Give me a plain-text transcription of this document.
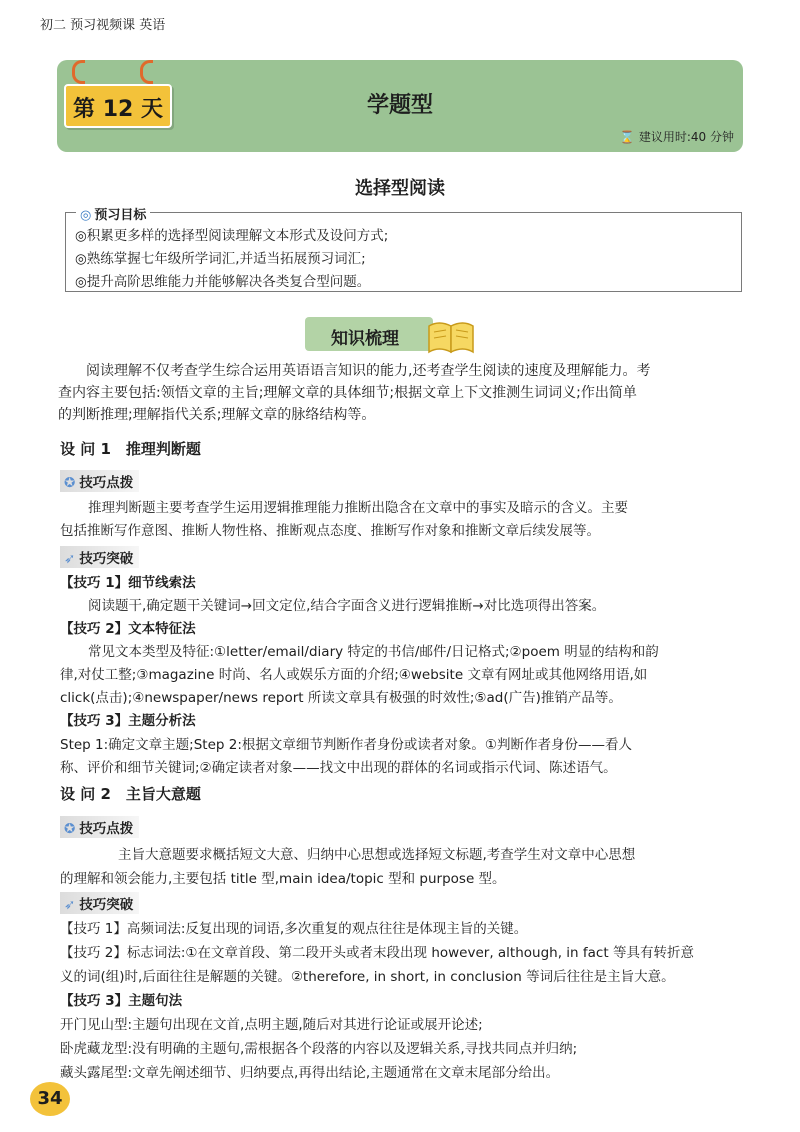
初二 预习视频课 英语
第 12 天	学题型
⌛ 建议用时:40 分钟
选择型阅读
◎ 预习目标
◎积累更多样的选择型阅读理解文本形式及设问方式;
◎熟练掌握七年级所学词汇,并适当拓展预习词汇;
◎提升高阶思维能力并能够解决各类复合型问题。
知识梳理
阅读理解不仅考查学生综合运用英语语言知识的能力,还考查学生阅读的速度及理解能力。考
查内容主要包括:领悟文章的主旨;理解文章的具体细节;根据文章上下文推测生词词义;作出简单
的判断推理;理解指代关系;理解文章的脉络结构等。
设 问 1　推理判断题
✪ 技巧点拨
推理判断题主要考查学生运用逻辑推理能力推断出隐含在文章中的事实及暗示的含义。主要
包括推断写作意图、推断人物性格、推断观点态度、推断写作对象和推断文章后续发展等。
➶ 技巧突破
【技巧 1】细节线索法
阅读题干,确定题干关键词→回文定位,结合字面含义进行逻辑推断→对比选项得出答案。
【技巧 2】文本特征法
常见文本类型及特征:①letter/email/diary 特定的书信/邮件/日记格式;②poem 明显的结构和韵
律,对仗工整;③magazine 时尚、名人或娱乐方面的介绍;④website 文章有网址或其他网络用语,如
click(点击);④newspaper/news report 所读文章具有极强的时效性;⑤ad(广告)推销产品等。
【技巧 3】主题分析法
Step 1:确定文章主题;Step 2:根据文章细节判断作者身份或读者对象。①判断作者身份——看人
称、评价和细节关键词;②确定读者对象——找文中出现的群体的名词或指示代词、陈述语气。
设 问 2　主旨大意题
✪ 技巧点拨
主旨大意题要求概括短文大意、归纳中心思想或选择短文标题,考查学生对文章中心思想
的理解和领会能力,主要包括 title 型,main idea/topic 型和 purpose 型。
➶ 技巧突破
【技巧 1】高频词法:反复出现的词语,多次重复的观点往往是体现主旨的关键。
【技巧 2】标志词法:①在文章首段、第二段开头或者末段出现 however, although, in fact 等具有转折意
义的词(组)时,后面往往是解题的关键。②therefore, in short, in conclusion 等词后往往是主旨大意。
【技巧 3】主题句法
开门见山型:主题句出现在文首,点明主题,随后对其进行论证或展开论述;
卧虎藏龙型:没有明确的主题句,需根据各个段落的内容以及逻辑关系,寻找共同点并归纳;
藏头露尾型:文章先阐述细节、归纳要点,再得出结论,主题通常在文章末尾部分给出。
34
